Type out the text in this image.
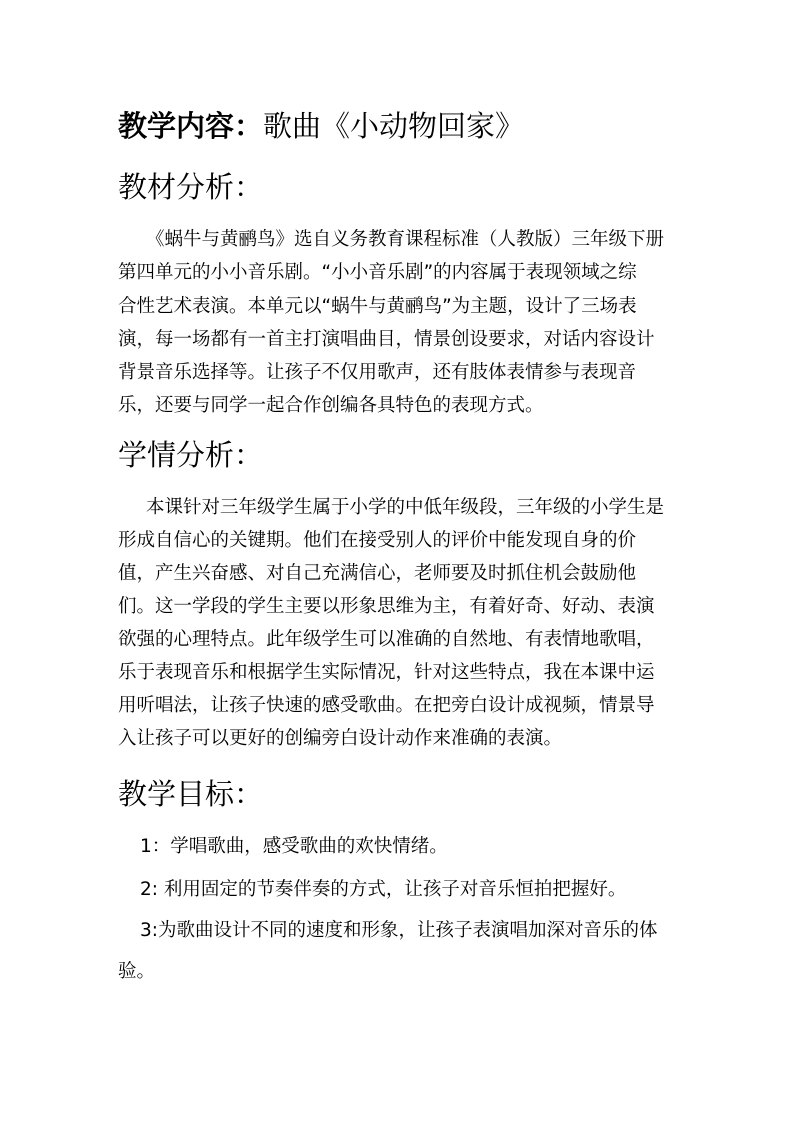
教学内容：歌曲《小动物回家》
教材分析：
《蜗牛与黄鹂鸟》选自义务教育课程标准（人教版）三年级下册
第四单元的小小音乐剧。“小小音乐剧”的内容属于表现领域之综
合性艺术表演。本单元以“蜗牛与黄鹂鸟”为主题，设计了三场表
演，每一场都有一首主打演唱曲目，情景创设要求，对话内容设计
背景音乐选择等。让孩子不仅用歌声，还有肢体表情参与表现音
乐，还要与同学一起合作创编各具特色的表现方式。
学情分析：
本课针对三年级学生属于小学的中低年级段，三年级的小学生是
形成自信心的关键期。他们在接受别人的评价中能发现自身的价
值，产生兴奋感、对自己充满信心，老师要及时抓住机会鼓励他
们。这一学段的学生主要以形象思维为主，有着好奇、好动、表演
欲强的心理特点。此年级学生可以准确的自然地、有表情地歌唱，
乐于表现音乐和根据学生实际情况，针对这些特点，我在本课中运
用听唱法，让孩子快速的感受歌曲。在把旁白设计成视频，情景导
入让孩子可以更好的创编旁白设计动作来准确的表演。
教学目标：
1：学唱歌曲，感受歌曲的欢快情绪。
2: 利用固定的节奏伴奏的方式，让孩子对音乐恒拍把握好。
3:为歌曲设计不同的速度和形象，让孩子表演唱加深对音乐的体
验。
